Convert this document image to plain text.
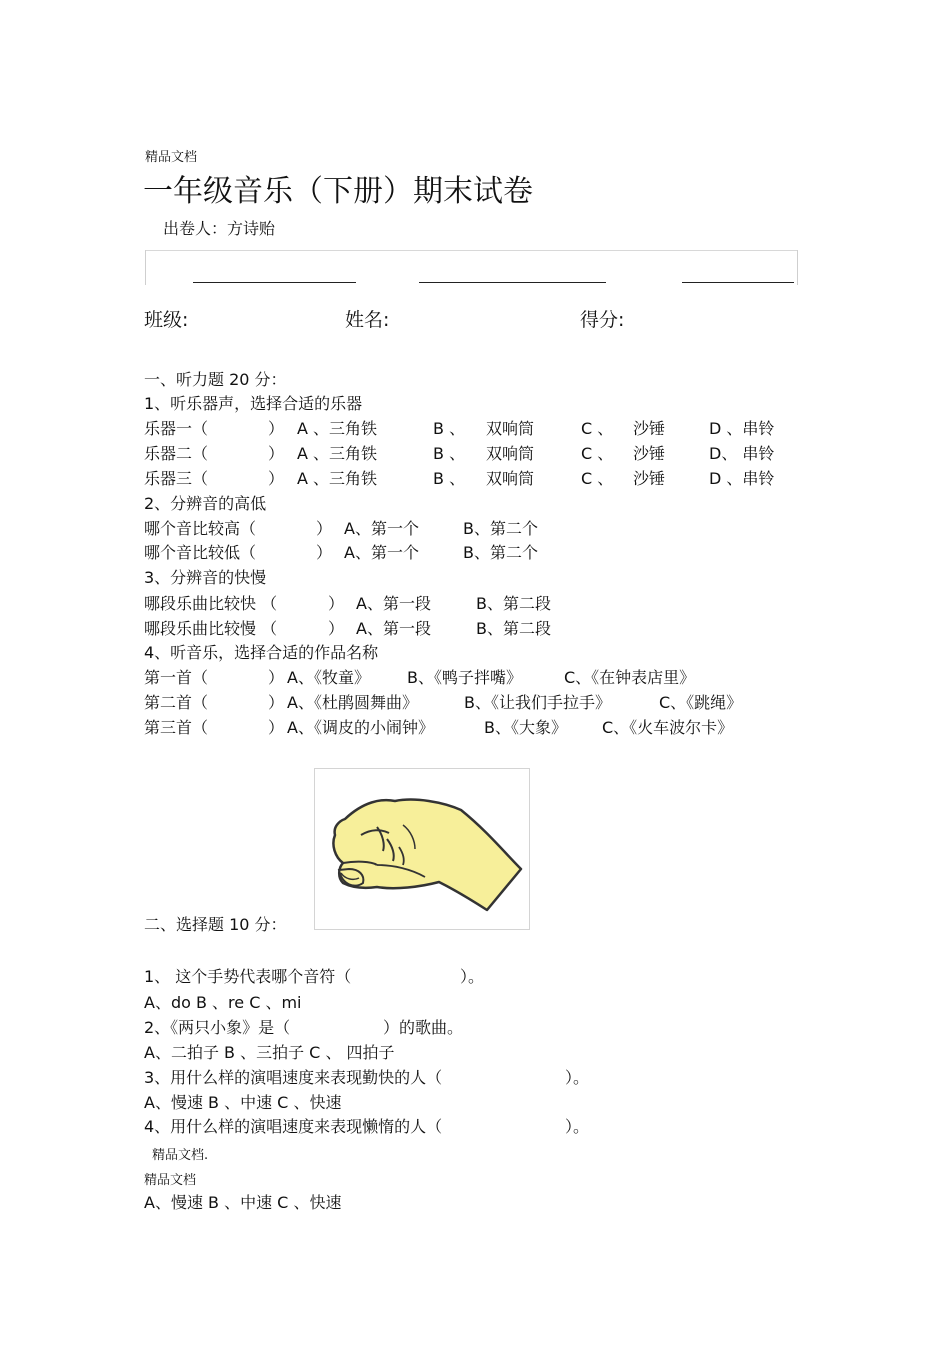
精品文档
一年级音乐（下册）期末试卷
出卷人：方诗贻
班级:	姓名:	得分:
一、听力题 20 分：
1、听乐器声，选择合适的乐器
乐器一（	） A 、三角铁	B 、 双响筒	C 、 沙锤	D 、串铃
乐器二（	） A 、三角铁	B 、 双响筒	C 、 沙锤	D、 串铃
乐器三（	） A 、三角铁	B 、 双响筒	C 、 沙锤	D 、串铃
2、分辨音的高低
哪个音比较高（	） A、第一个	B、第二个
哪个音比较低（	） A、第一个	B、第二个
3、分辨音的快慢
哪段乐曲比较快 （	） A、第一段	B、第二段
哪段乐曲比较慢 （	） A、第一段	B、第二段
4、听音乐，选择合适的作品名称
第一首（	） A、《牧童》 B、《鸭子拌嘴》	C、《在钟表店里》
第二首（	） A、《杜鹃圆舞曲》	B、《让我们手拉手》	C、《跳绳》
第三首（	） A、《调皮的小闹钟》	B、《大象》 C、《火车波尔卡》
二、选择题 10 分：
1、 这个手势代表哪个音符（	）。
A、do B 、re C 、mi
2、《两只小象》是（	）的歌曲。
A、二拍子 B 、三拍子 C 、 四拍子
3、用什么样的演唱速度来表现勤快的人（	）。
A、慢速 B 、中速 C 、快速
4、用什么样的演唱速度来表现懒惰的人（	）。
精品文档.
精品文档
A、慢速 B 、中速 C 、快速
